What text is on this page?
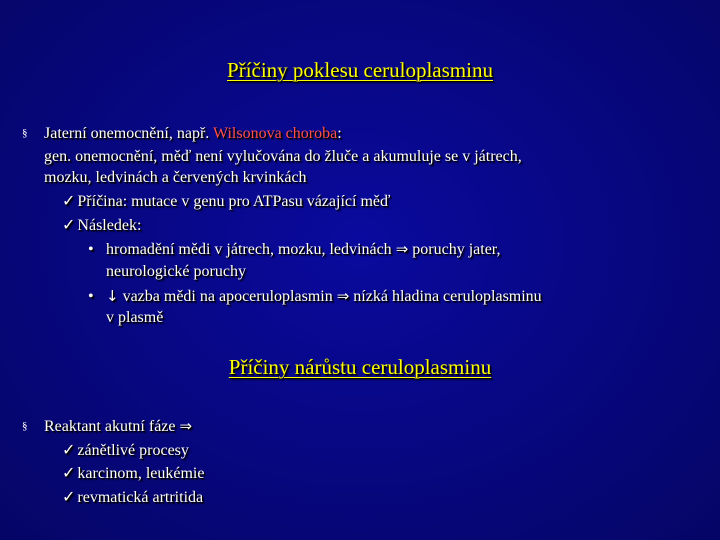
Příčiny poklesu ceruloplasminu
§ Jaterní onemocnění, např. Wilsonova choroba:
gen. onemocnění, měď není vylučována do žluče a akumuluje se v játrech,
mozku, ledvinách a červených krvinkách
✓ Příčina: mutace v genu pro ATPasu vázající měď
✓ Následek:
• hromadění mědi v játrech, mozku, ledvinách ⇒ poruchy jater,
neurologické poruchy
• ↓ vazba mědi na apoceruloplasmin ⇒ nízká hladina ceruloplasminu
v plasmě
Příčiny nárůstu ceruloplasminu
§ Reaktant akutní fáze ⇒
✓ zánětlivé procesy
✓ karcinom, leukémie
✓ revmatická artritida
